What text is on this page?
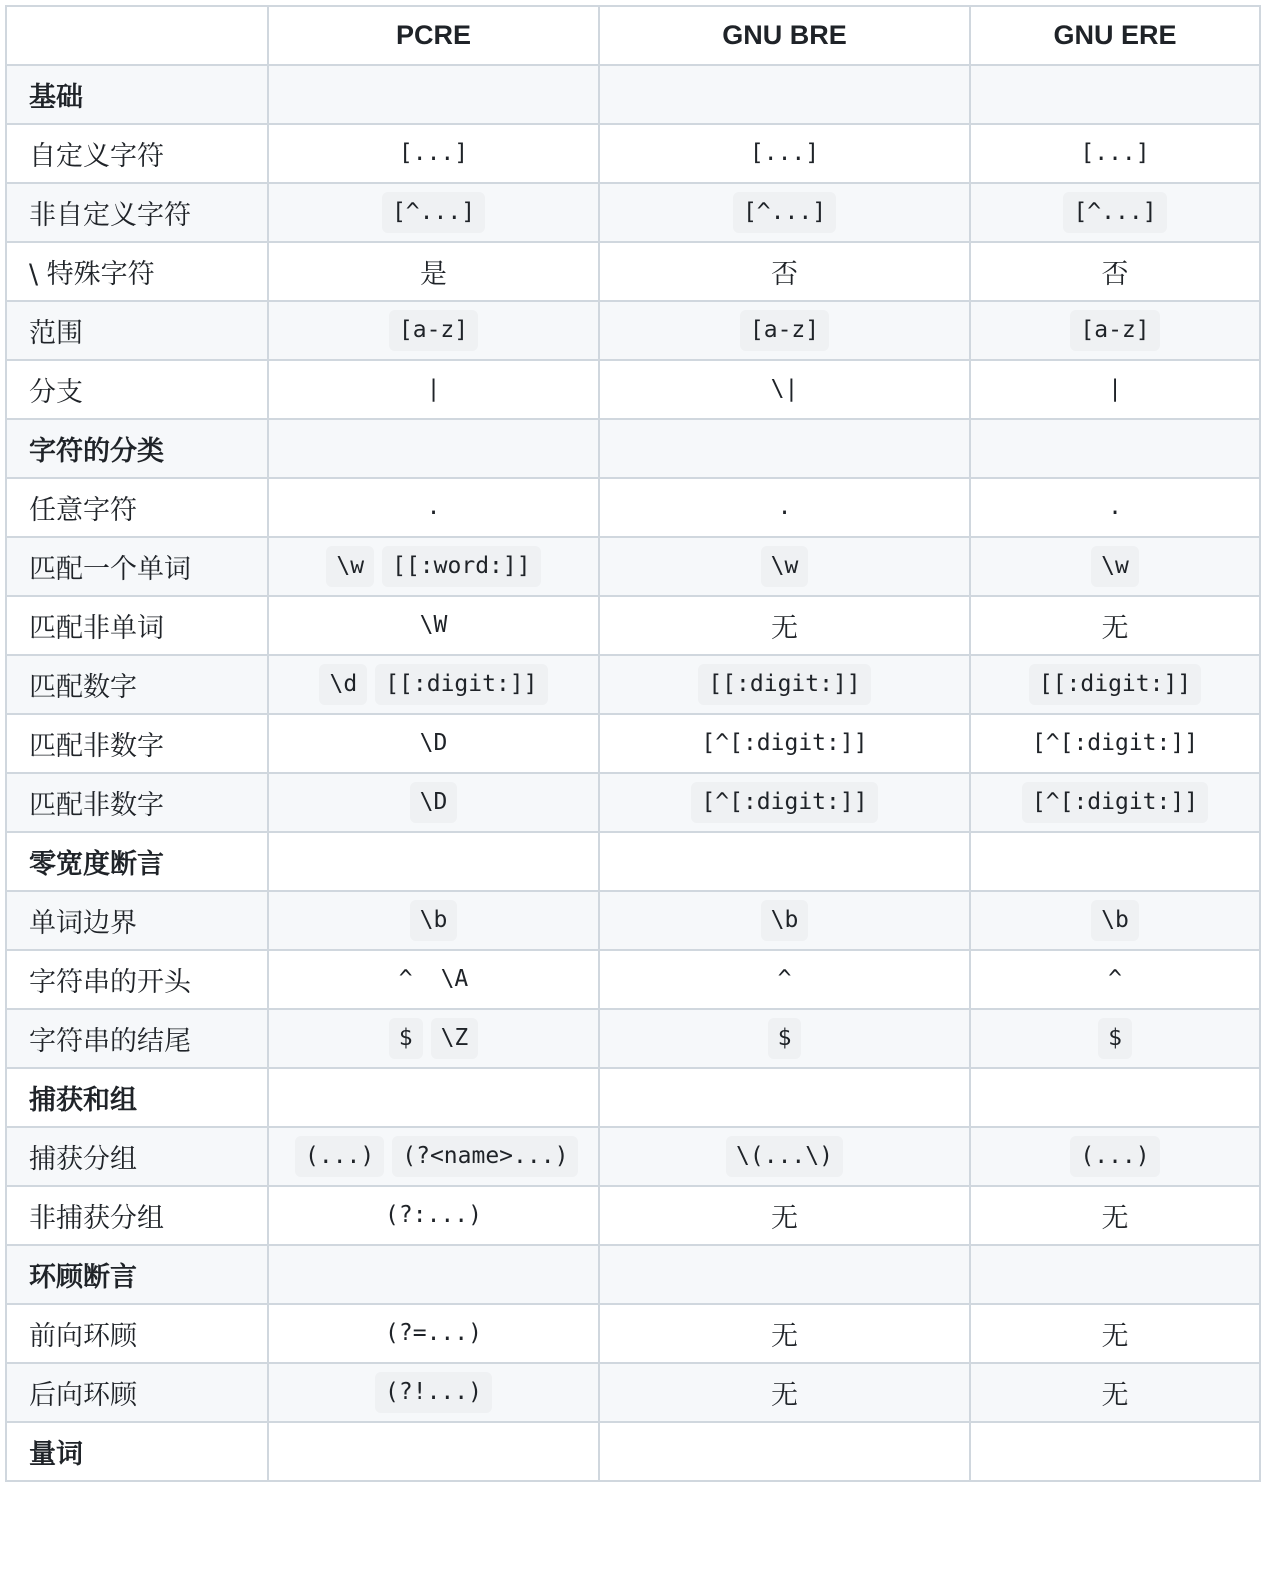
	PCRE	GNU BRE	GNU ERE
基础			
自定义字符	[...]	[...]	[...]
非自定义字符	[^...]	[^...]	[^...]
\ 特殊字符	是	否	否
范围	[a-z]	[a-z]	[a-z]
分支	|	\|	|
字符的分类			
任意字符	.	.	.
匹配一个单词	\w [[:word:]]	\w	\w
匹配非单词	\W	无	无
匹配数字	\d [[:digit:]]	[[:digit:]]	[[:digit:]]
匹配非数字	\D	[^[:digit:]]	[^[:digit:]]
匹配非数字	\D	[^[:digit:]]	[^[:digit:]]
零宽度断言			
单词边界	\b	\b	\b
字符串的开头	^ \A	^	^
字符串的结尾	$ \Z	$	$
捕获和组			
捕获分组	(...) (?<name>...)	\(...\)	(...)
非捕获分组	(?:...)	无	无
环顾断言			
前向环顾	(?=...)	无	无
后向环顾	(?!...)	无	无
量词			
